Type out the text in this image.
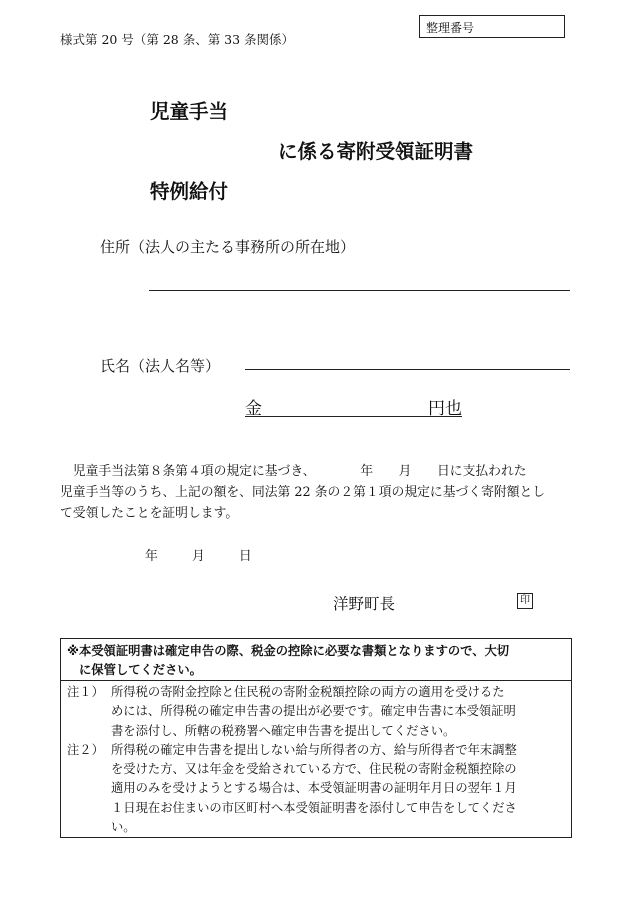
様式第 20 号（第 28 条、第 33 条関係）
整理番号
児童手当
に係る寄附受領証明書
特例給付
住所（法人の主たる事務所の所在地）
氏名（法人名等）
金	円也

　児童手当法第８条第４項の規定に基づき、　　　　年　　月　　日に支払われた

児童手当等のうち、上記の額を、同法第 22 条の２第１項の規定に基づく寄附額とし

て受領したことを証明します。

年	月	日
洋野町長	印
※本受領証明書は確定申告の際、税金の控除に必要な書類となりますので、大切
に保管してください。
注１） 所得税の寄附金控除と住民税の寄附金税額控除の両方の適用を受けるた

めには、所得税の確定申告書の提出が必要です。確定申告書に本受領証明

書を添付し、所轄の税務署へ確定申告書を提出してください。

注２） 所得税の確定申告書を提出しない給与所得者の方、給与所得者で年末調整

を受けた方、又は年金を受給されている方で、住民税の寄附金税額控除の

適用のみを受けようとする場合は、本受領証明書の証明年月日の翌年１月

１日現在お住まいの市区町村へ本受領証明書を添付して申告をしてくださ

い。
